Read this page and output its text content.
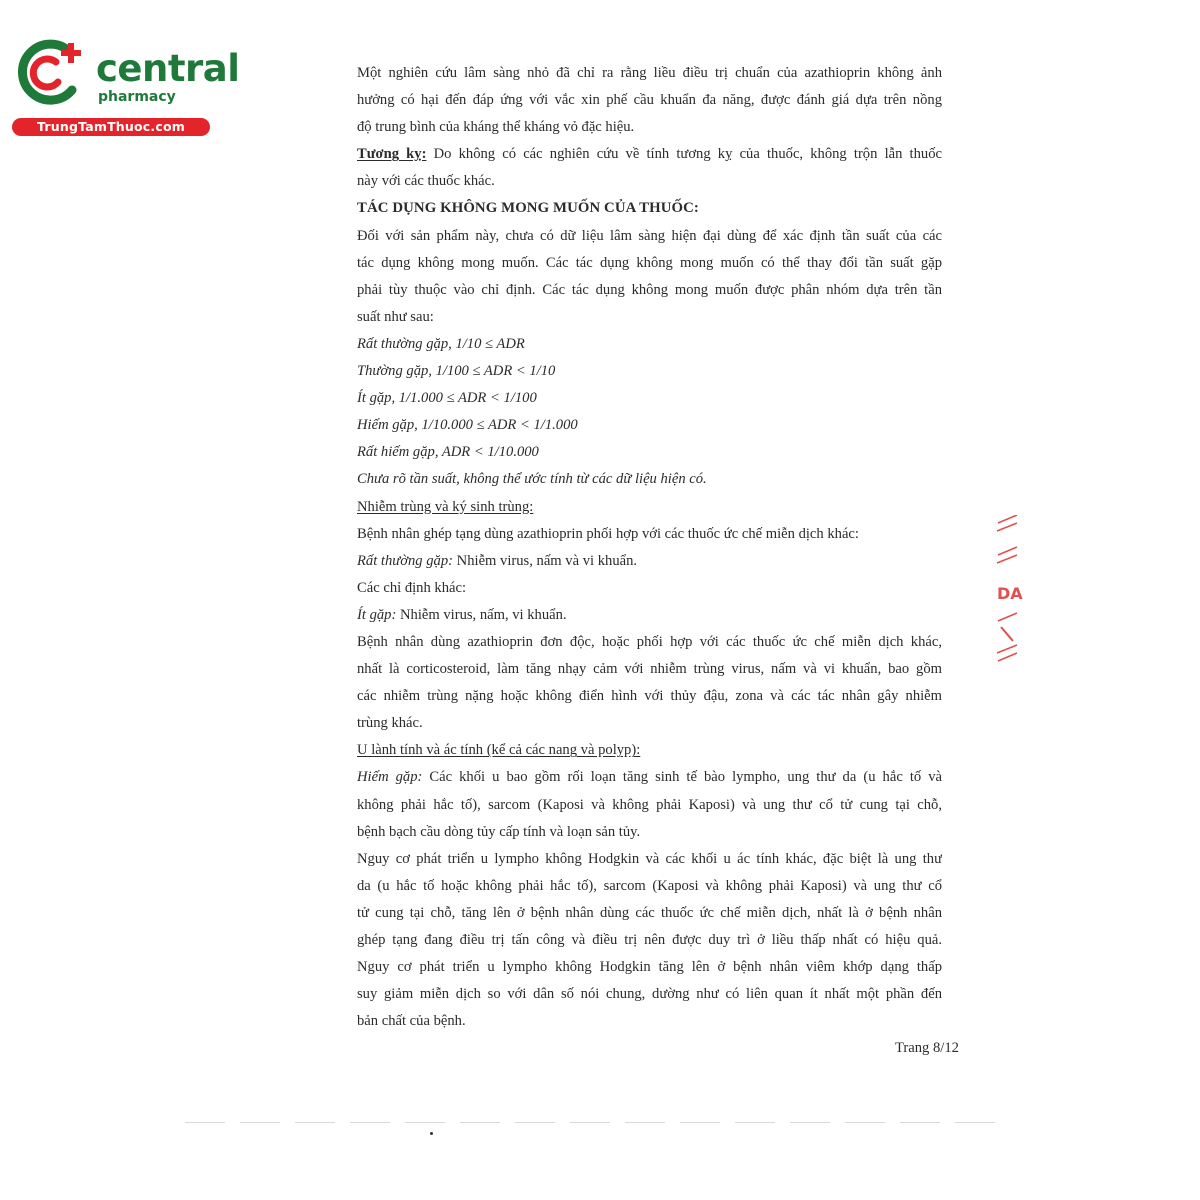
central
pharmacy
TrungTamThuoc.com
Một nghiên cứu lâm sàng nhỏ đã chỉ ra rằng liều điều trị chuẩn của azathioprin không ảnh
hưởng có hại đến đáp ứng với vắc xin phế cầu khuẩn đa năng, được đánh giá dựa trên nồng
độ trung bình của kháng thể kháng vỏ đặc hiệu.
Tương kỵ: Do không có các nghiên cứu về tính tương kỵ của thuốc, không trộn lẫn thuốc
này với các thuốc khác.
TÁC DỤNG KHÔNG MONG MUỐN CỦA THUỐC:
Đối với sản phẩm này, chưa có dữ liệu lâm sàng hiện đại dùng để xác định tần suất của các
tác dụng không mong muốn. Các tác dụng không mong muốn có thể thay đổi tần suất gặp
phải tùy thuộc vào chỉ định. Các tác dụng không mong muốn được phân nhóm dựa trên tần
suất như sau:
Rất thường gặp, 1/10 ≤ ADR
Thường gặp, 1/100 ≤ ADR < 1/10
Ít gặp, 1/1.000 ≤ ADR < 1/100
Hiếm gặp, 1/10.000 ≤ ADR < 1/1.000
Rất hiếm gặp, ADR < 1/10.000
Chưa rõ tần suất, không thể ước tính từ các dữ liệu hiện có.
Nhiễm trùng và ký sinh trùng:
Bệnh nhân ghép tạng dùng azathioprin phối hợp với các thuốc ức chế miễn dịch khác:
Rất thường gặp: Nhiễm virus, nấm và vi khuẩn.
Các chỉ định khác:
Ít gặp: Nhiễm virus, nấm, vi khuẩn.
Bệnh nhân dùng azathioprin đơn độc, hoặc phối hợp với các thuốc ức chế miễn dịch khác,
nhất là corticosteroid, làm tăng nhạy cảm với nhiễm trùng virus, nấm và vi khuẩn, bao gồm
các nhiễm trùng nặng hoặc không điển hình với thủy đậu, zona và các tác nhân gây nhiễm
trùng khác.
U lành tính và ác tính (kể cả các nang và polyp):
Hiếm gặp: Các khối u bao gồm rối loạn tăng sinh tế bào lympho, ung thư da (u hắc tố và
không phải hắc tố), sarcom (Kaposi và không phải Kaposi) và ung thư cổ tử cung tại chỗ,
bệnh bạch cầu dòng tủy cấp tính và loạn sản tủy.
Nguy cơ phát triển u lympho không Hodgkin và các khối u ác tính khác, đặc biệt là ung thư
da (u hắc tố hoặc không phải hắc tố), sarcom (Kaposi và không phải Kaposi) và ung thư cổ
tử cung tại chỗ, tăng lên ở bệnh nhân dùng các thuốc ức chế miễn dịch, nhất là ở bệnh nhân
ghép tạng đang điều trị tấn công và điều trị nên được duy trì ở liều thấp nhất có hiệu quả.
Nguy cơ phát triển u lympho không Hodgkin tăng lên ở bệnh nhân viêm khớp dạng thấp
suy giảm miễn dịch so với dân số nói chung, dường như có liên quan ít nhất một phần đến
bản chất của bệnh.
Trang 8/12
DA
